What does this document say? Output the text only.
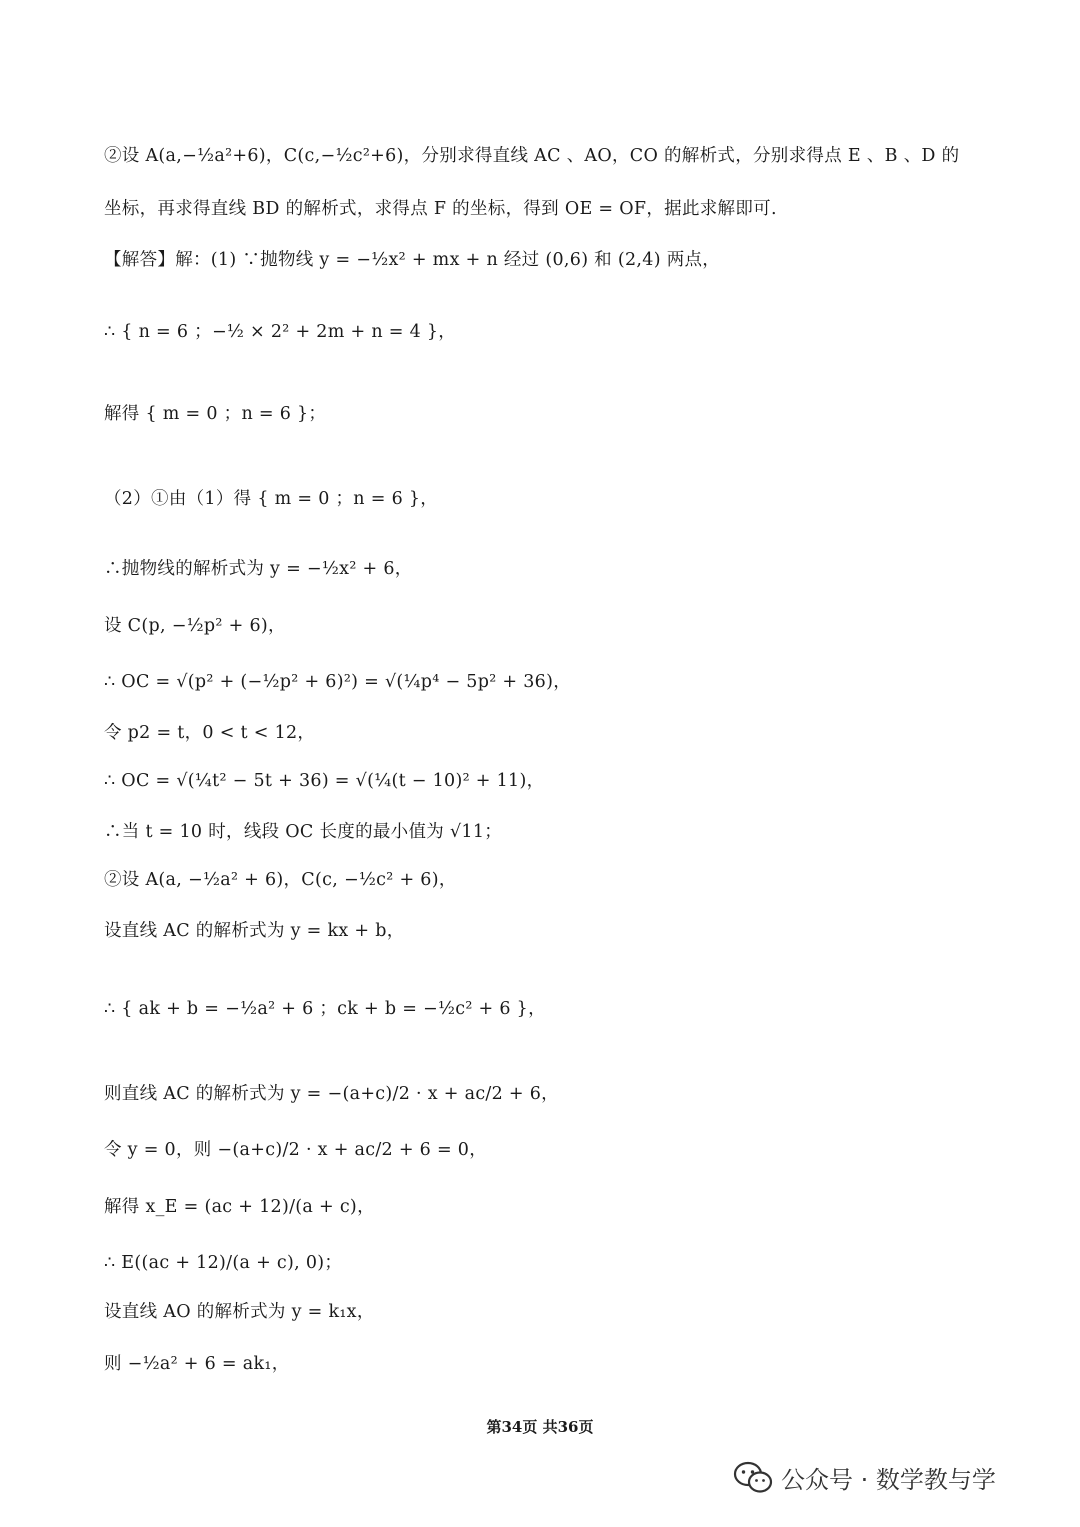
②设 A(a,−½a²+6)，C(c,−½c²+6)，分别求得直线 AC 、AO，CO 的解析式，分别求得点 E 、B 、D 的
坐标，再求得直线 BD 的解析式，求得点 F 的坐标，得到 OE = OF，据此求解即可.
【解答】解：(1) ∵抛物线 y = −½x² + mx + n 经过 (0,6) 和 (2,4) 两点，
∴ { n = 6 ；−½ × 2² + 2m + n = 4 }，
解得 { m = 0 ；n = 6 }；
（2）①由（1）得 { m = 0 ；n = 6 }，
∴抛物线的解析式为 y = −½x² + 6，
设 C(p, −½p² + 6)，
∴ OC = √(p² + (−½p² + 6)²) = √(¼p⁴ − 5p² + 36)，
令 p2 = t，0 < t < 12，
∴ OC = √(¼t² − 5t + 36) = √(¼(t − 10)² + 11)，
∴当 t = 10 时，线段 OC 长度的最小值为 √11；
②设 A(a, −½a² + 6)，C(c, −½c² + 6)，
设直线 AC 的解析式为 y = kx + b，
∴ { ak + b = −½a² + 6 ；ck + b = −½c² + 6 }，
则直线 AC 的解析式为 y = −(a+c)/2 · x + ac/2 + 6，
令 y = 0，则 −(a+c)/2 · x + ac/2 + 6 = 0，
解得 x_E = (ac + 12)/(a + c)，
∴ E((ac + 12)/(a + c), 0)；
设直线 AO 的解析式为 y = k₁x，
则 −½a² + 6 = ak₁，
第34页 共36页
公众号 · 数学教与学
